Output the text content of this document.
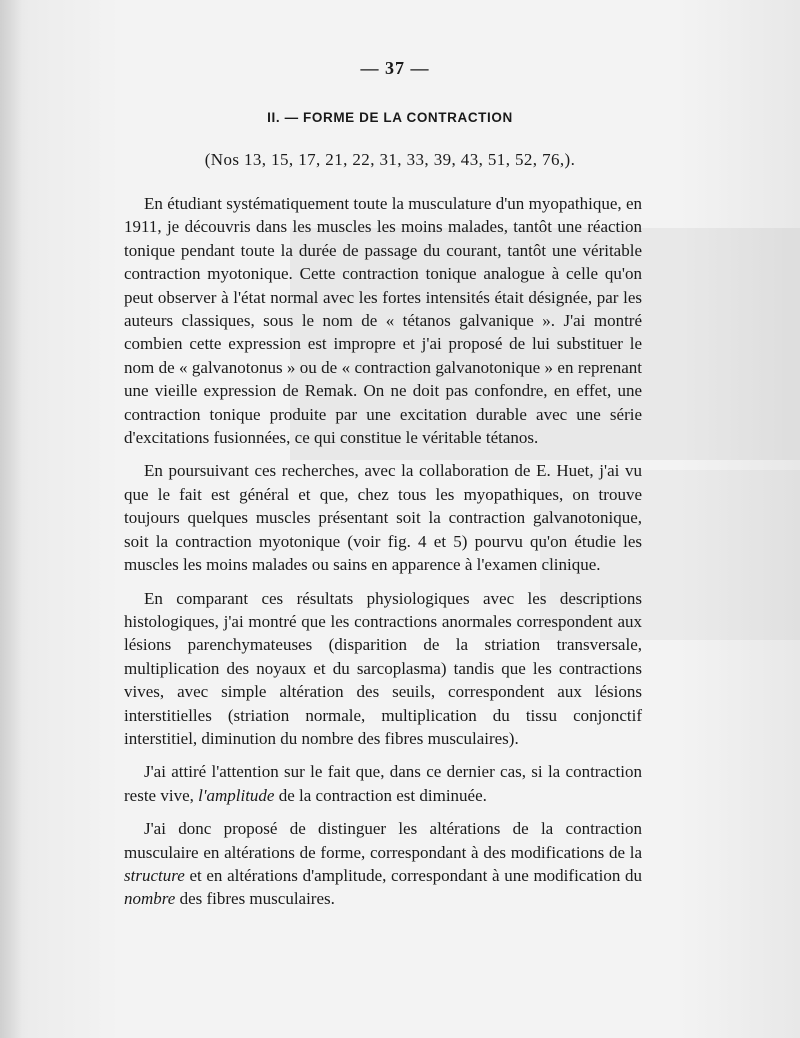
— 37 —
II. — FORME DE LA CONTRACTION
(Nos 13, 15, 17, 21, 22, 31, 33, 39, 43, 51, 52, 76,).

En étudiant systématiquement toute la musculature d'un myopathique, en 1911, je découvris dans les muscles les moins malades, tantôt une réaction tonique pendant toute la durée de passage du courant, tantôt une véritable contraction myotonique. Cette contraction tonique analogue à celle qu'on peut observer à l'état normal avec les fortes intensités était désignée, par les auteurs classiques, sous le nom de « tétanos galvanique ». J'ai montré combien cette expression est impropre et j'ai proposé de lui substituer le nom de « galvanotonus » ou de « contraction galvanotonique » en reprenant une vieille expression de Remak. On ne doit pas confondre, en effet, une contraction tonique produite par une excitation durable avec une série d'excitations fusionnées, ce qui constitue le véritable tétanos.

En poursuivant ces recherches, avec la collaboration de E. Huet, j'ai vu que le fait est général et que, chez tous les myopathiques, on trouve toujours quelques muscles présentant soit la contraction galvanotonique, soit la contraction myotonique (voir fig. 4 et 5) pourvu qu'on étudie les muscles les moins malades ou sains en apparence à l'examen clinique.

En comparant ces résultats physiologiques avec les descriptions histologiques, j'ai montré que les contractions anormales correspondent aux lésions parenchymateuses (disparition de la striation transversale, multiplication des noyaux et du sarcoplasma) tandis que les contractions vives, avec simple altération des seuils, correspondent aux lésions interstitielles (striation normale, multiplication du tissu conjonctif interstitiel, diminution du nombre des fibres musculaires).

J'ai attiré l'attention sur le fait que, dans ce dernier cas, si la contraction reste vive, l'amplitude de la contraction est diminuée.

J'ai donc proposé de distinguer les altérations de la contraction musculaire en altérations de forme, correspondant à des modifications de la structure et en altérations d'amplitude, correspondant à une modification du nombre des fibres musculaires.
